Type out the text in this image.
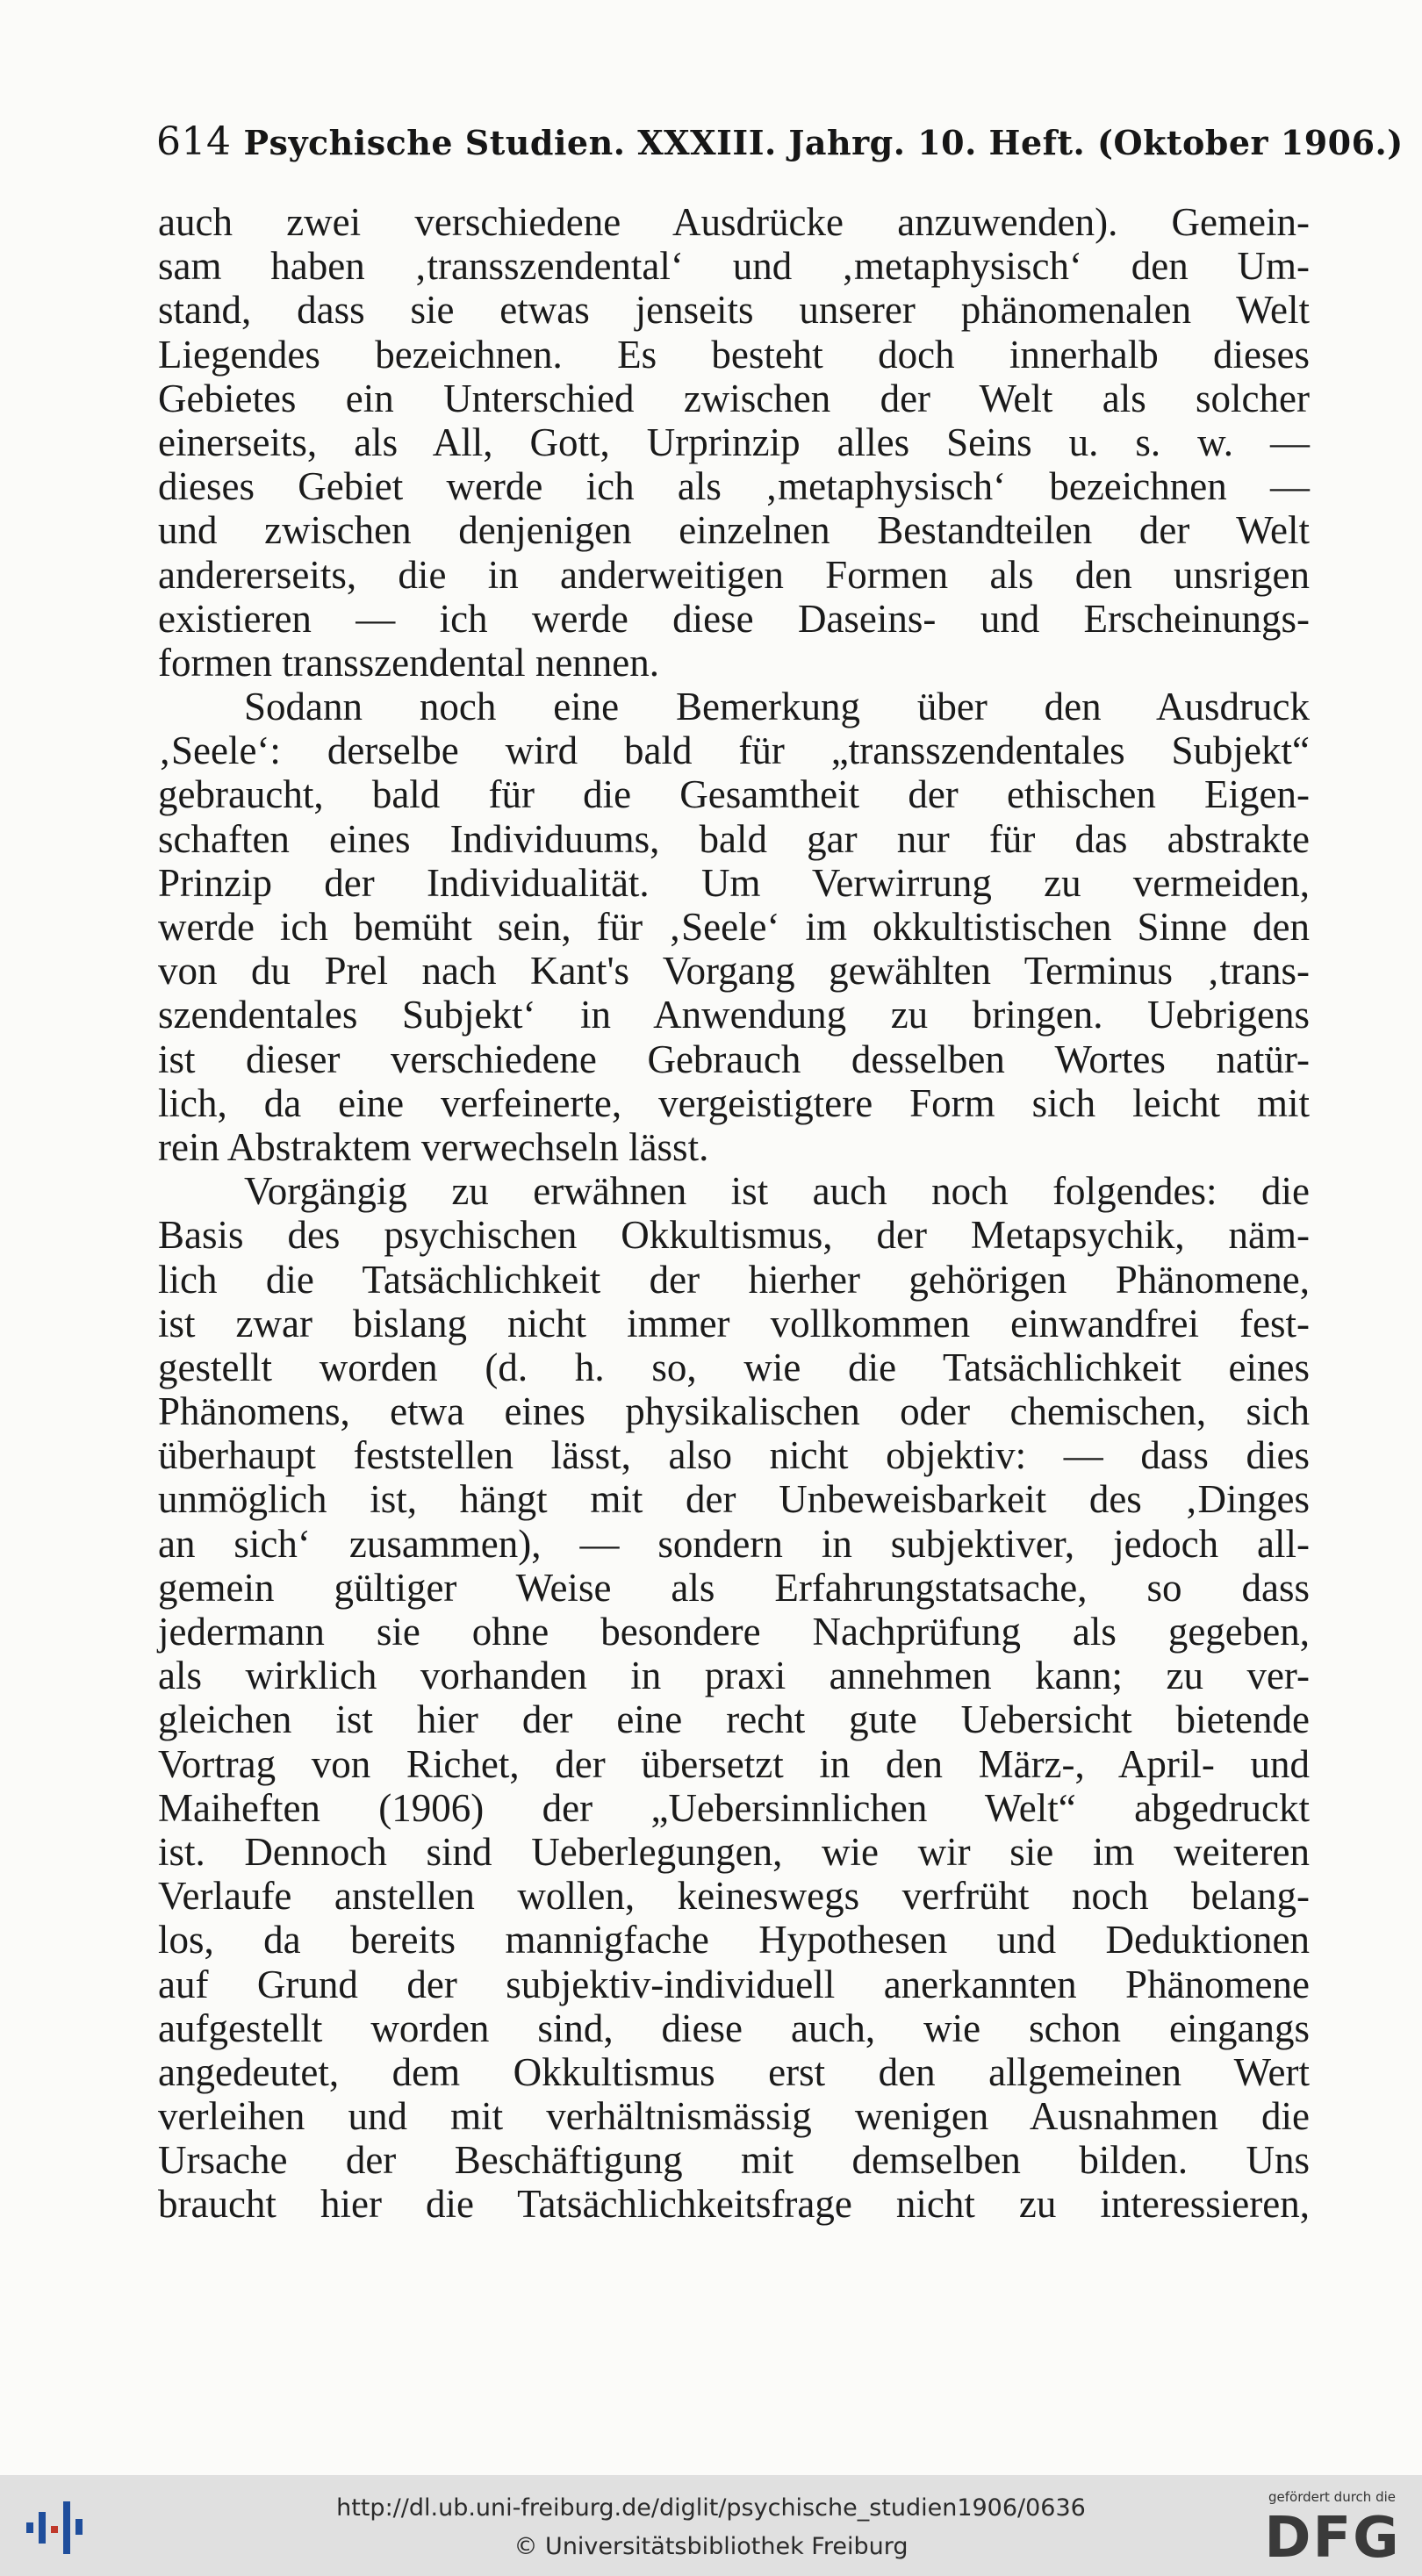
614 Psychische Studien. XXXIII. Jahrg. 10. Heft. (Oktober 1906.)
auch zwei verschiedene Ausdrücke anzuwenden). Gemein-
sam haben ‚transszendental‘ und ‚metaphysisch‘ den Um-
stand, dass sie etwas jenseits unserer phänomenalen Welt
Liegendes bezeichnen. Es besteht doch innerhalb dieses
Gebietes ein Unterschied zwischen der Welt als solcher
einerseits, als All, Gott, Urprinzip alles Seins u. s. w. —
dieses Gebiet werde ich als ‚metaphysisch‘ bezeichnen —
und zwischen denjenigen einzelnen Bestandteilen der Welt
andererseits, die in anderweitigen Formen als den unsrigen
existieren — ich werde diese Daseins- und Erscheinungs-
formen transszendental nennen.
Sodann noch eine Bemerkung über den Ausdruck
‚Seele‘: derselbe wird bald für „transszendentales Subjekt“
gebraucht, bald für die Gesamtheit der ethischen Eigen-
schaften eines Individuums, bald gar nur für das abstrakte
Prinzip der Individualität. Um Verwirrung zu vermeiden,
werde ich bemüht sein, für ‚Seele‘ im okkultistischen Sinne den
von du Prel nach Kant's Vorgang gewählten Terminus ‚trans-
szendentales Subjekt‘ in Anwendung zu bringen. Uebrigens
ist dieser verschiedene Gebrauch desselben Wortes natür-
lich, da eine verfeinerte, vergeistigtere Form sich leicht mit
rein Abstraktem verwechseln lässt.
Vorgängig zu erwähnen ist auch noch folgendes: die
Basis des psychischen Okkultismus, der Metapsychik, näm-
lich die Tatsächlichkeit der hierher gehörigen Phänomene,
ist zwar bislang nicht immer vollkommen einwandfrei fest-
gestellt worden (d. h. so, wie die Tatsächlichkeit eines
Phänomens, etwa eines physikalischen oder chemischen, sich
überhaupt feststellen lässt, also nicht objektiv: — dass dies
unmöglich ist, hängt mit der Unbeweisbarkeit des ‚Dinges
an sich‘ zusammen), — sondern in subjektiver, jedoch all-
gemein gültiger Weise als Erfahrungstatsache, so dass
jedermann sie ohne besondere Nachprüfung als gegeben,
als wirklich vorhanden in praxi annehmen kann; zu ver-
gleichen ist hier der eine recht gute Uebersicht bietende
Vortrag von Richet, der übersetzt in den März-, April- und
Maiheften (1906) der „Uebersinnlichen Welt“ abgedruckt
ist. Dennoch sind Ueberlegungen, wie wir sie im weiteren
Verlaufe anstellen wollen, keineswegs verfrüht noch belang-
los, da bereits mannigfache Hypothesen und Deduktionen
auf Grund der subjektiv-individuell anerkannten Phänomene
aufgestellt worden sind, diese auch, wie schon eingangs
angedeutet, dem Okkultismus erst den allgemeinen Wert
verleihen und mit verhältnismässig wenigen Ausnahmen die
Ursache der Beschäftigung mit demselben bilden. Uns
braucht hier die Tatsächlichkeitsfrage nicht zu interessieren,
http://dl.ub.uni-freiburg.de/diglit/psychische_studien1906/0636
© Universitätsbibliothek Freiburg
gefördert durch die
DFG
